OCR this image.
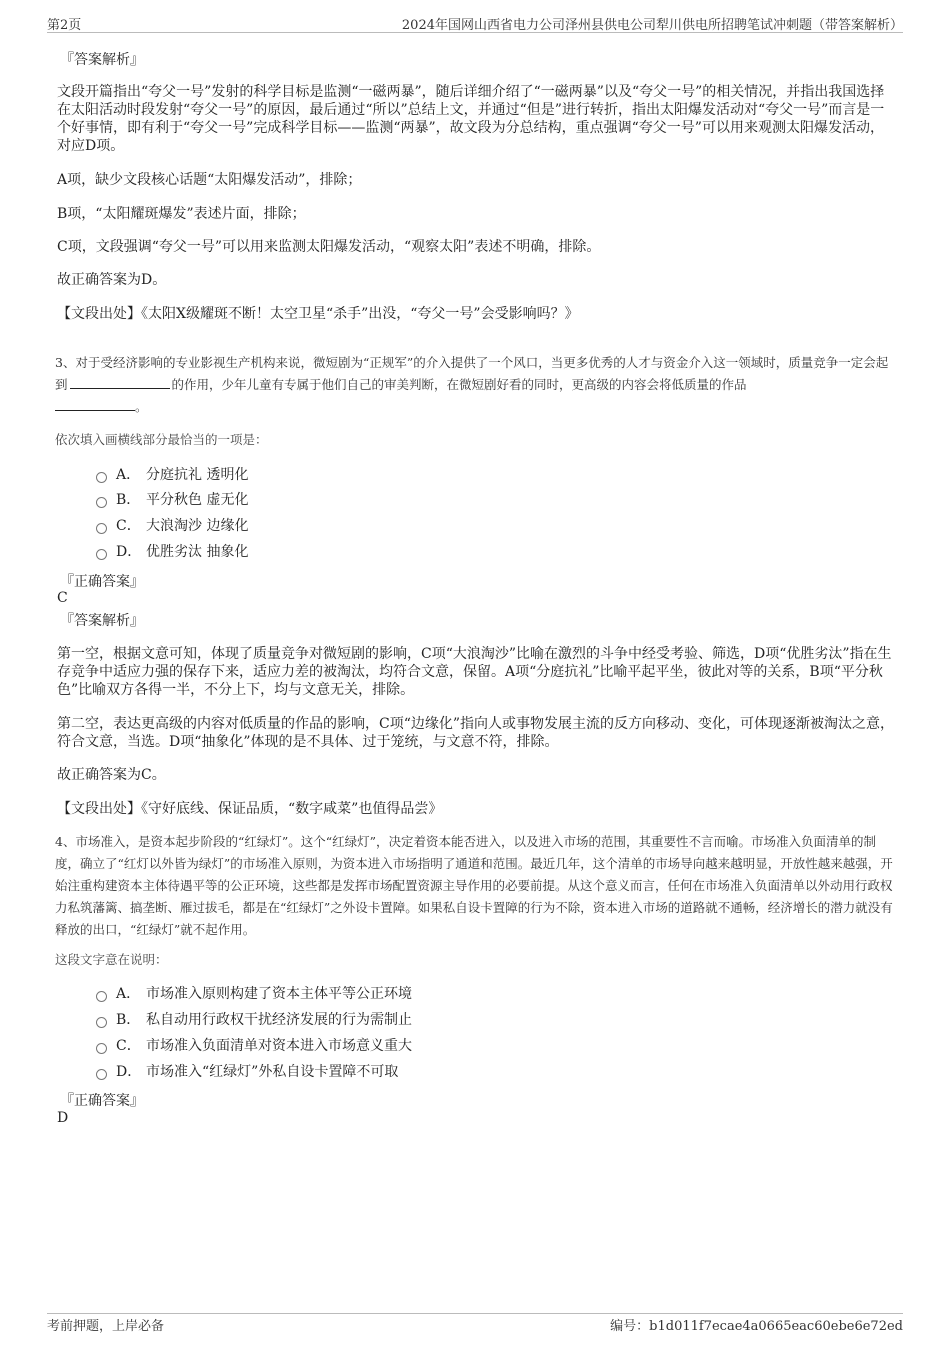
第2页	2024年国网山西省电力公司泽州县供电公司犁川供电所招聘笔试冲刺题（带答案解析）
『答案解析』
文段开篇指出“夸父一号”发射的科学目标是监测“一磁两暴”，随后详细介绍了“一磁两暴”以及“夸父一号”的相关情况，并指出我国选择在太阳活动时段发射“夸父一号”的原因，最后通过“所以”总结上文，并通过“但是”进行转折，指出太阳爆发活动对“夸父一号”而言是一个好事情，即有利于“夸父一号”完成科学目标——监测“两暴”，故文段为分总结构，重点强调“夸父一号”可以用来观测太阳爆发活动，对应D项。
A项，缺少文段核心话题“太阳爆发活动”，排除；
B项，“太阳耀斑爆发”表述片面，排除；
C项，文段强调“夸父一号”可以用来监测太阳爆发活动，“观察太阳”表述不明确，排除。
故正确答案为D。
【文段出处】《太阳X级耀斑不断！太空卫星“杀手”出没，“夸父一号”会受影响吗？》
3、对于受经济影响的专业影视生产机构来说，微短剧为“正规军”的介入提供了一个风口，当更多优秀的人才与资金介入这一领域时，质量竞争一定会起到	的作用，少年儿童有专属于他们自己的审美判断，在微短剧好看的同时，更高级的内容会将低质量的作品
。
依次填入画横线部分最恰当的一项是：
A． 分庭抗礼 透明化
B． 平分秋色 虚无化
C． 大浪淘沙 边缘化
D． 优胜劣汰 抽象化
『正确答案』
C
『答案解析』
第一空，根据文意可知，体现了质量竞争对微短剧的影响，C项“大浪淘沙”比喻在激烈的斗争中经受考验、筛选，D项“优胜劣汰”指在生存竞争中适应力强的保存下来，适应力差的被淘汰，均符合文意，保留。A项“分庭抗礼”比喻平起平坐，彼此对等的关系，B项“平分秋色”比喻双方各得一半，不分上下，均与文意无关，排除。
第二空，表达更高级的内容对低质量的作品的影响，C项“边缘化”指向人或事物发展主流的反方向移动、变化，可体现逐渐被淘汰之意，符合文意，当选。D项“抽象化”体现的是不具体、过于笼统，与文意不符，排除。
故正确答案为C。
【文段出处】《守好底线、保证品质，“数字咸菜”也值得品尝》
4、市场准入，是资本起步阶段的“红绿灯”。这个“红绿灯”，决定着资本能否进入，以及进入市场的范围，其重要性不言而喻。市场准入负面清单的制度，确立了“红灯以外皆为绿灯”的市场准入原则，为资本进入市场指明了通道和范围。最近几年，这个清单的市场导向越来越明显，开放性越来越强，开始注重构建资本主体待遇平等的公正环境，这些都是发挥市场配置资源主导作用的必要前提。从这个意义而言，任何在市场准入负面清单以外动用行政权力私筑藩篱、搞垄断、雁过拔毛，都是在“红绿灯”之外设卡置障。如果私自设卡置障的行为不除，资本进入市场的道路就不通畅，经济增长的潜力就没有释放的出口，“红绿灯”就不起作用。
这段文字意在说明：
A． 市场准入原则构建了资本主体平等公正环境
B． 私自动用行政权干扰经济发展的行为需制止
C． 市场准入负面清单对资本进入市场意义重大
D． 市场准入“红绿灯”外私自设卡置障不可取
『正确答案』
D
考前押题，上岸必备	编号：b1d011f7ecae4a0665eac60ebe6e72ed
